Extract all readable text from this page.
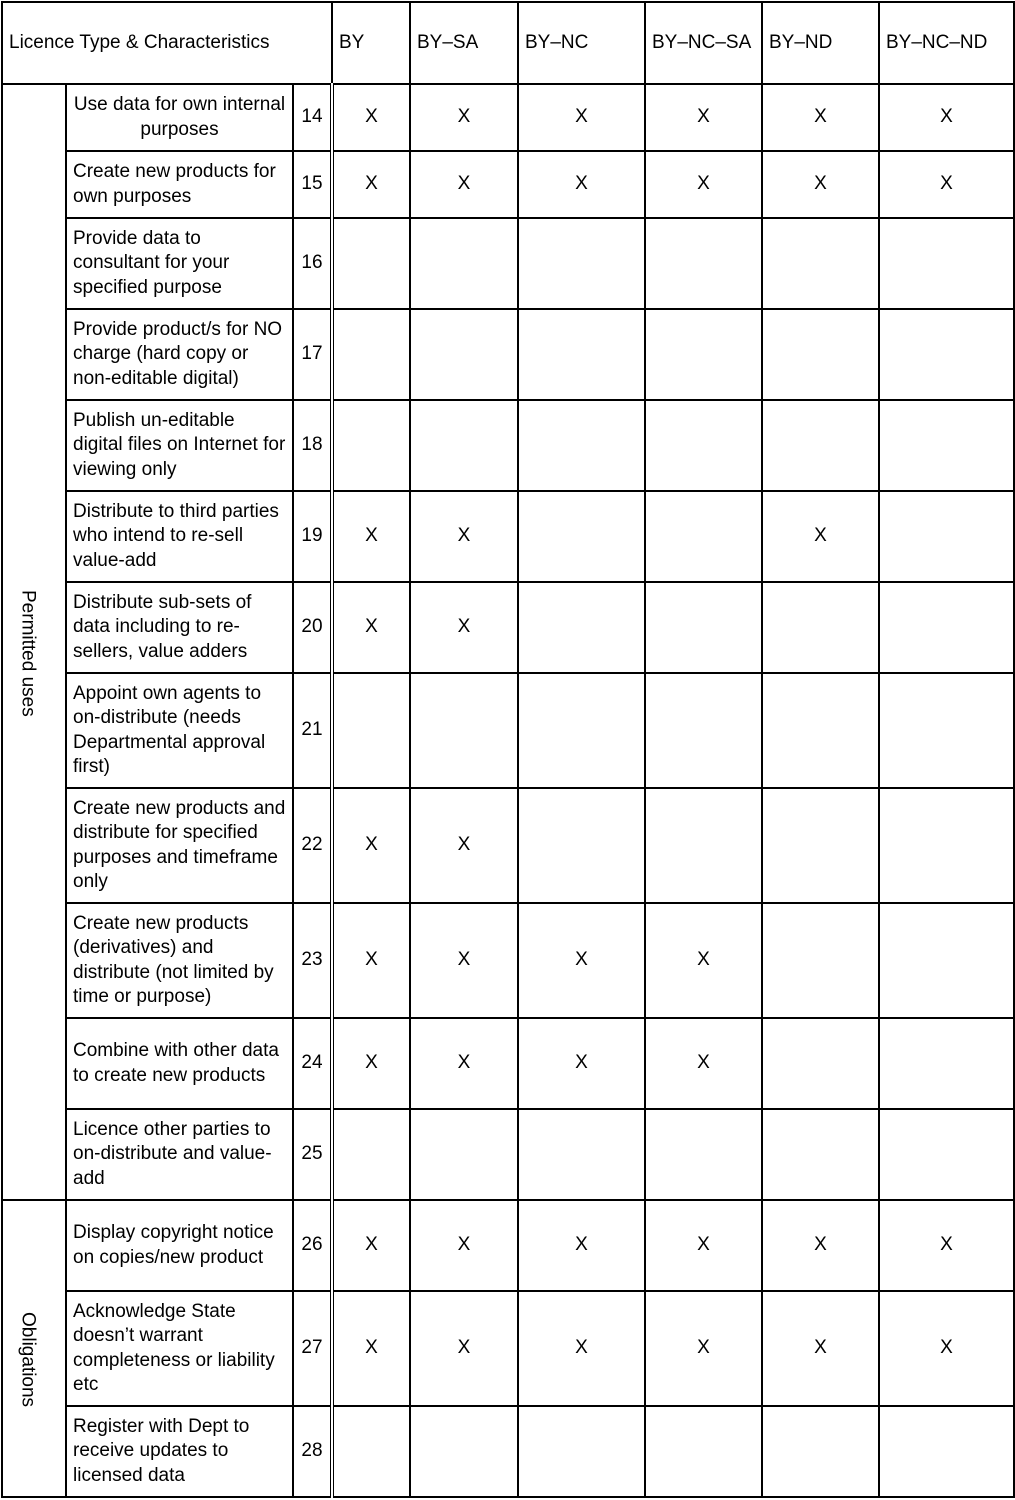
Licence Type & Characteristics			BY	BY–SA	BY–NC	BY–NC–SA	BY–ND	BY–NC–ND

Permitted uses	Use data for own internal purposes	14	X	X	X	X	X	X
	Create new products for own purposes	15	X	X	X	X	X	X
	Provide data to consultant for your specified purpose	16						
	Provide product/s for NO charge (hard copy or non-editable digital)	17						
	Publish un-editable digital files on Internet for viewing only	18						
	Distribute to third parties who intend to re-sell value-add	19	X	X			X	
	Distribute sub-sets of data including to re-sellers, value adders	20	X	X				
	Appoint own agents to on-distribute (needs Departmental approval first)	21						
	Create new products and distribute for specified purposes and timeframe only	22	X	X				
	Create new products (derivatives) and distribute (not limited by time or purpose)	23	X	X	X	X		
	Combine with other data to create new products	24	X	X	X	X		
	Licence other parties to on-distribute and value-add	25						

Obligations	Display copyright notice on copies/new product	26	X	X	X	X	X	X
	Acknowledge State doesn’t warrant completeness or liability etc	27	X	X	X	X	X	X
	Register with Dept to receive updates to licensed data	28						
